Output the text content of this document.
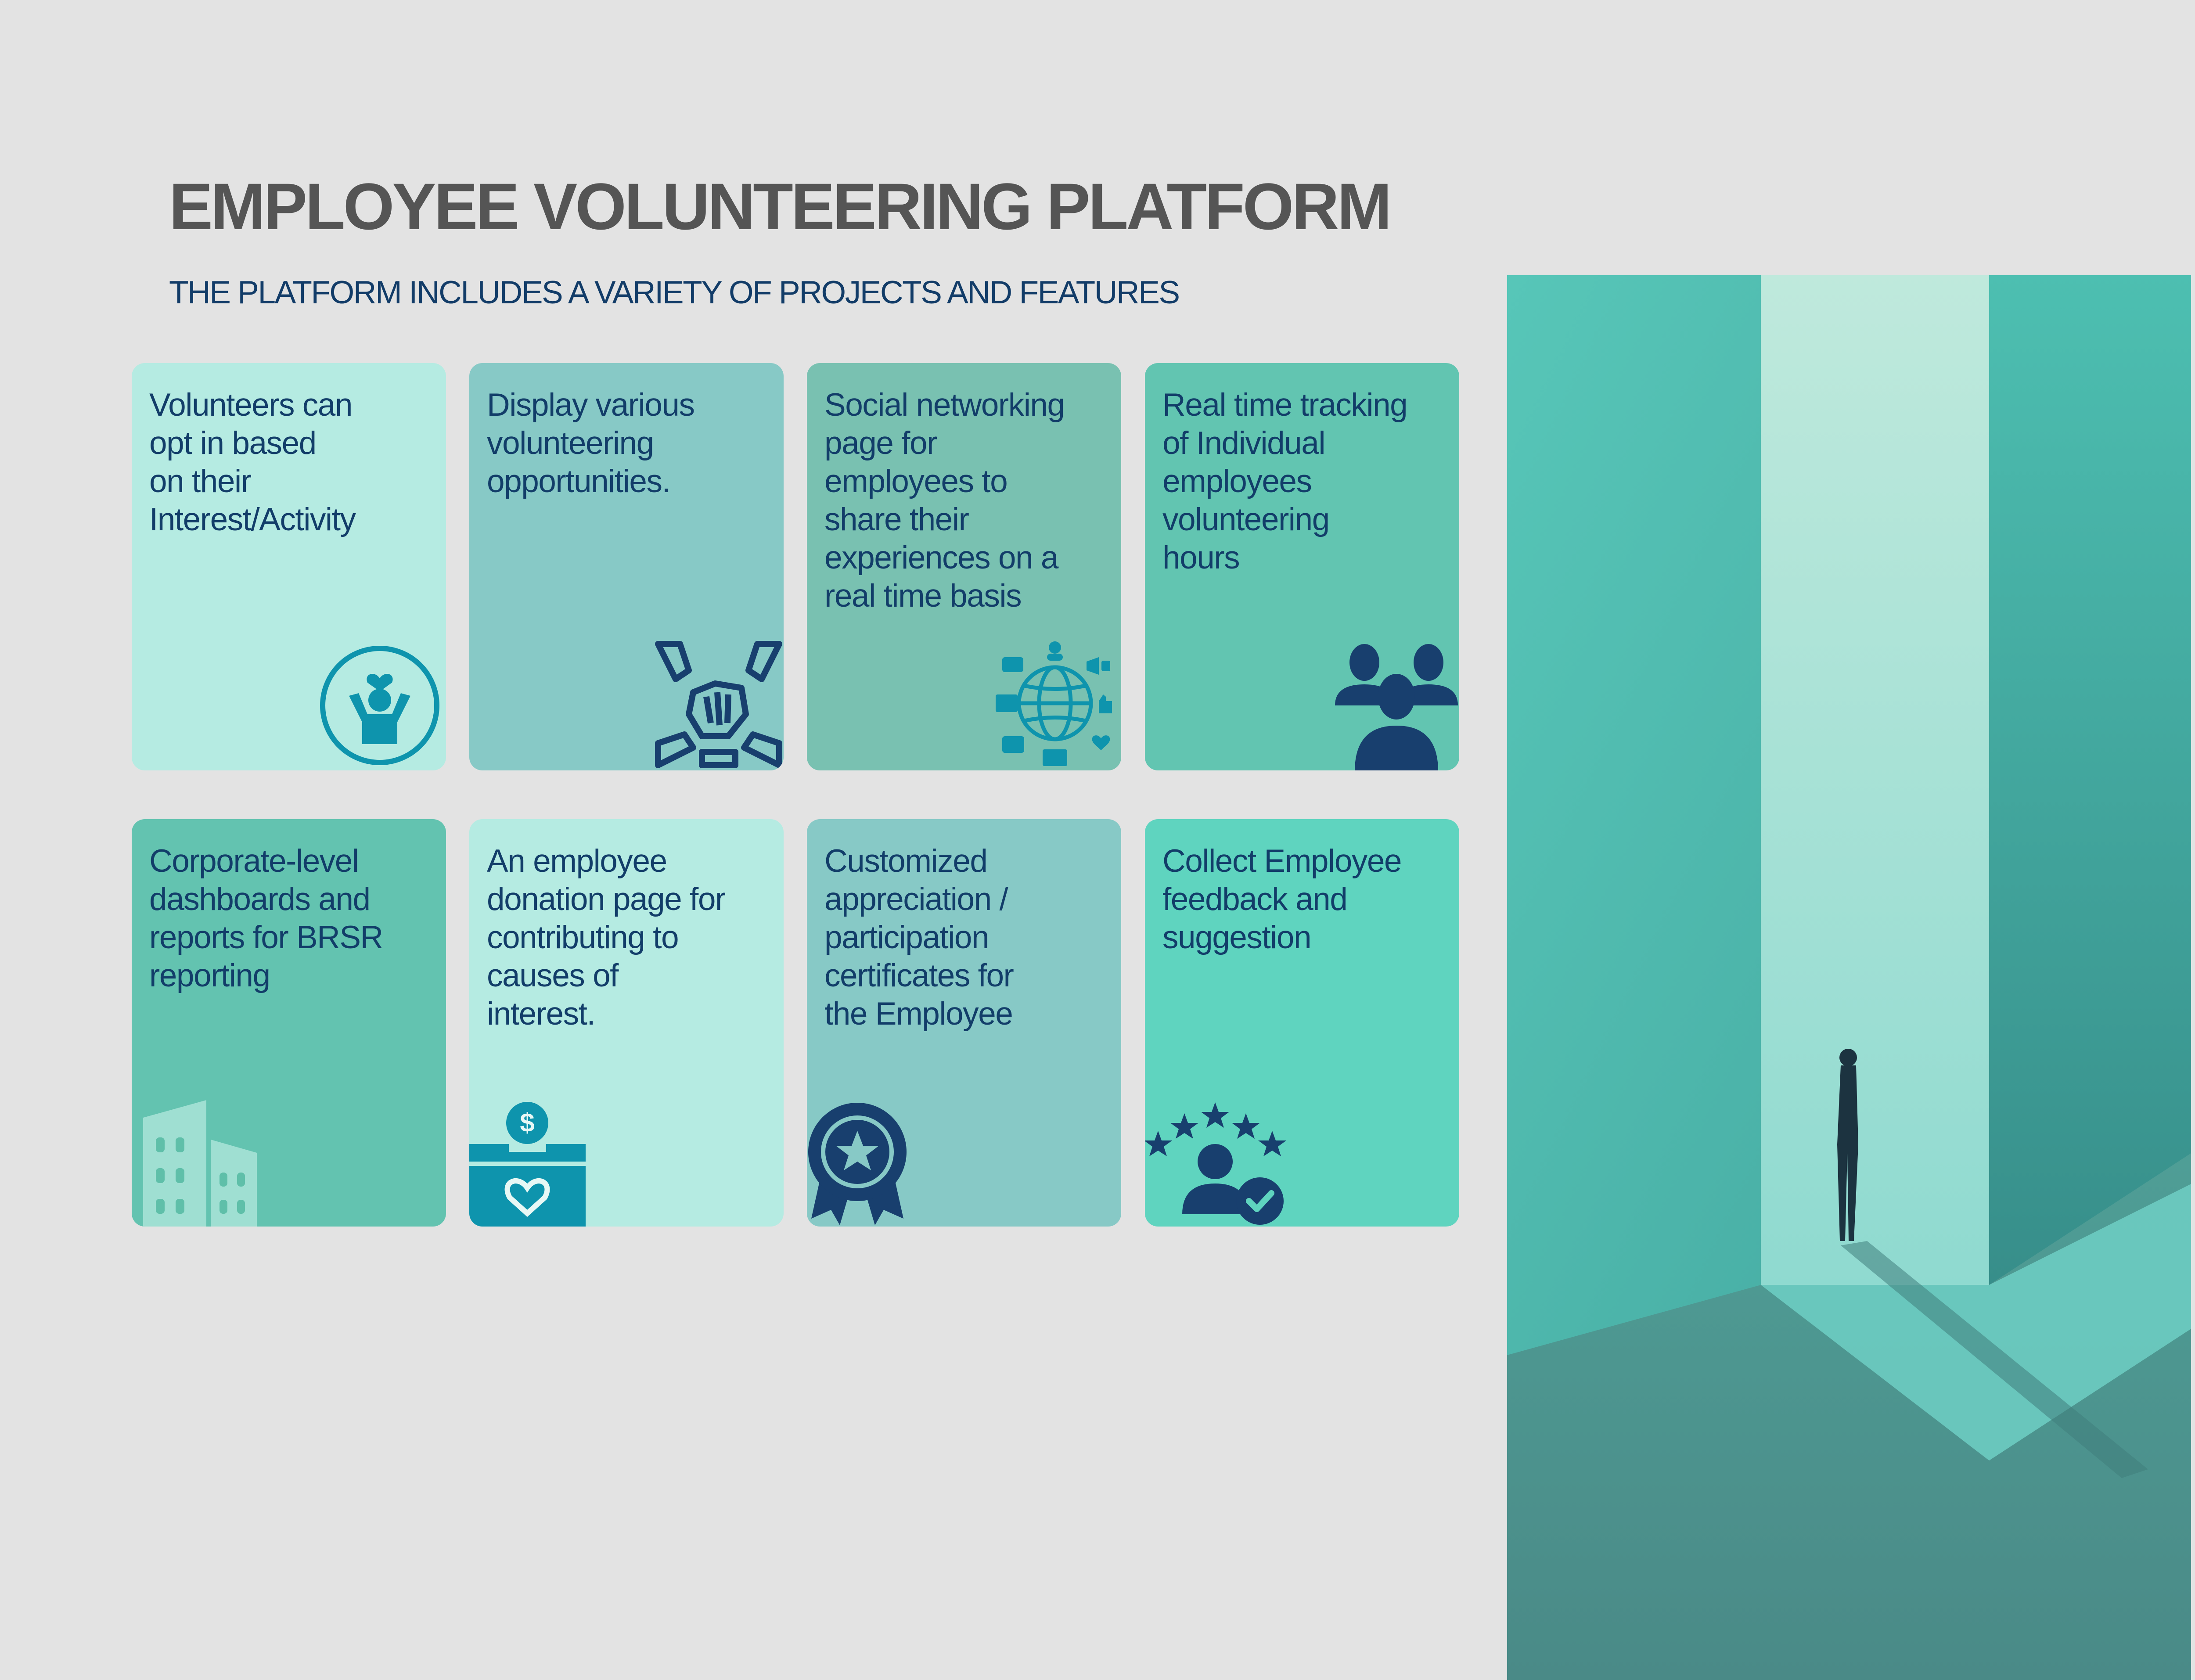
EMPLOYEE VOLUNTEERING PLATFORM

THE PLATFORM INCLUDES A VARIETY OF PROJECTS AND FEATURES

Volunteers can
opt in based
on their
Interest/Activity

Display various
volunteering
opportunities.

Social networking
page for
employees to
share their
experiences on a
real time basis

Real time tracking
of Individual
employees
volunteering
hours

Corporate-level
dashboards and
reports for BRSR
reporting

An employee
donation page for
contributing to
causes of
interest.

$

Customized
appreciation /
participation
certificates for
the Employee

Collect Employee
feedback and
suggestion
